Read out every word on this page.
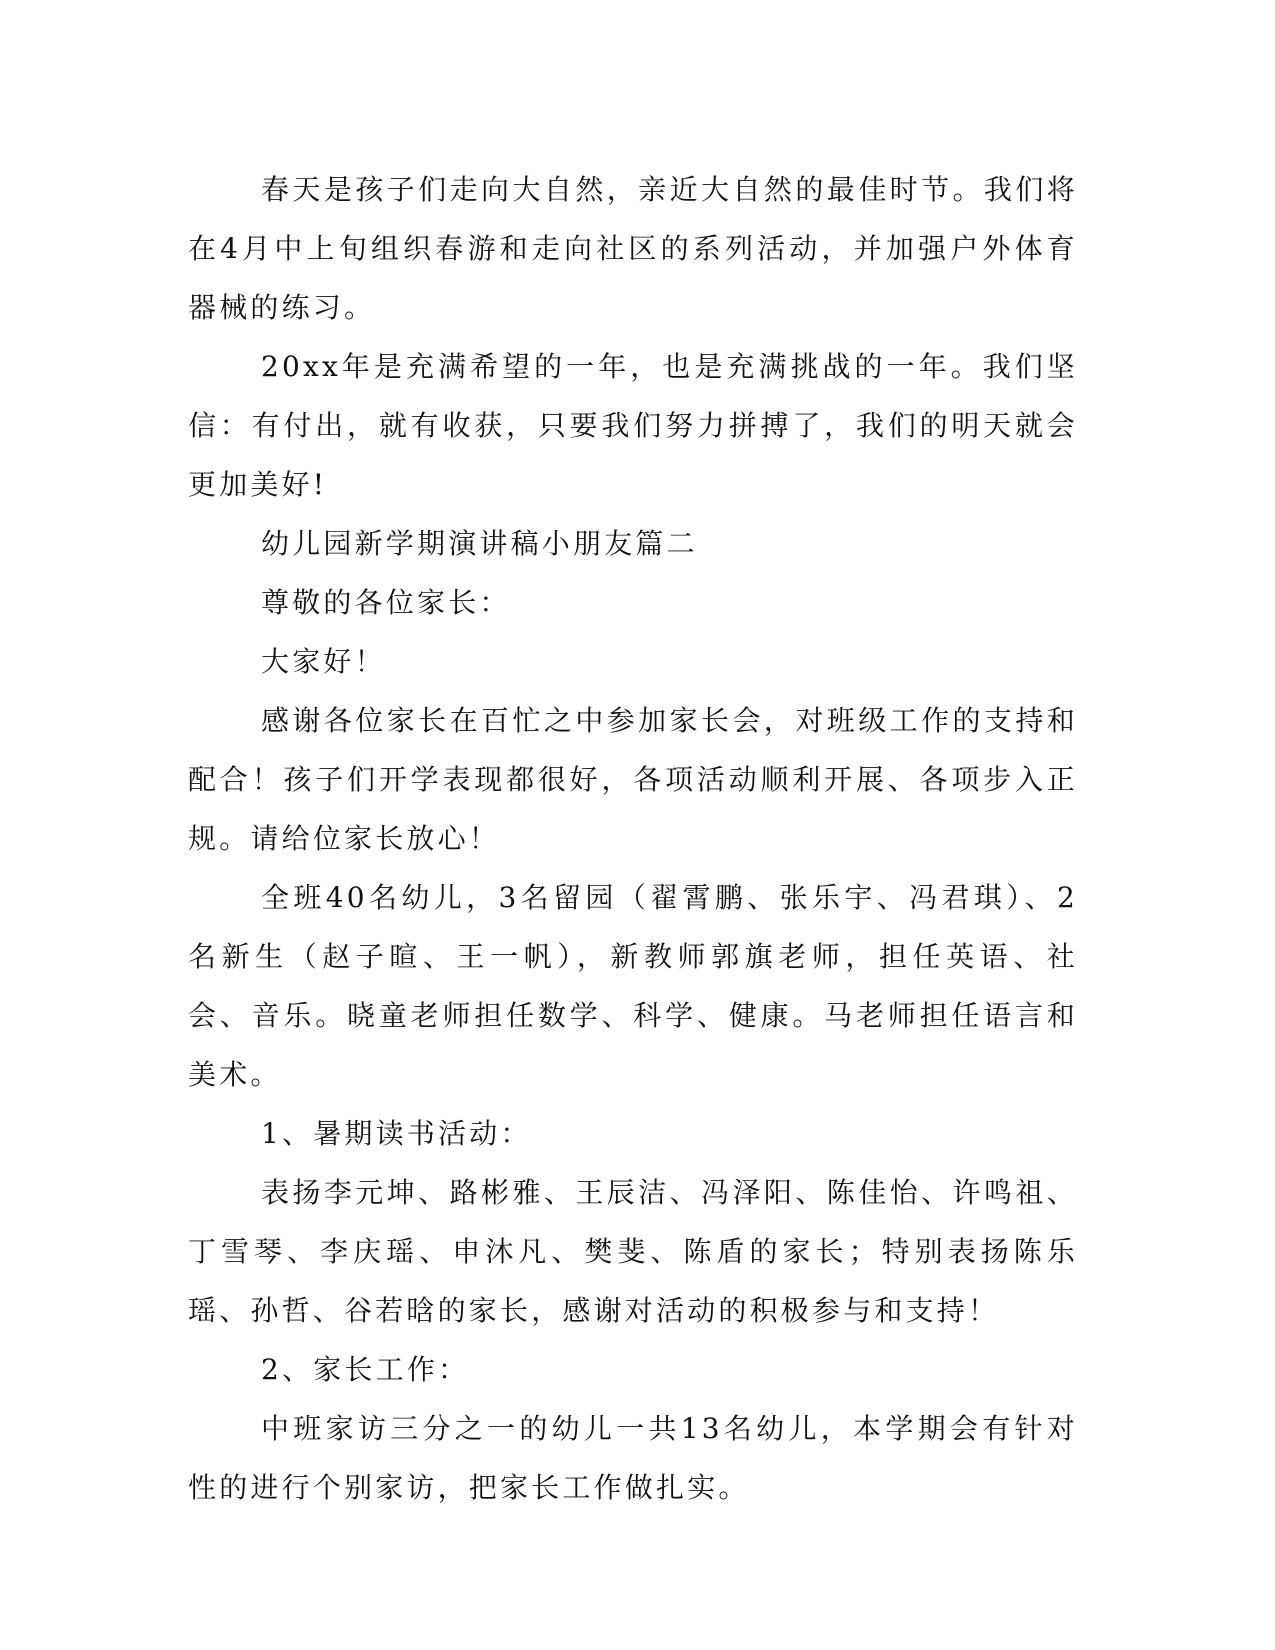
春天是孩子们走向大自然，亲近大自然的最佳时节。我们将在4月中上旬组织春游和走向社区的系列活动，并加强户外体育器械的练习。

20xx年是充满希望的一年，也是充满挑战的一年。我们坚信：有付出，就有收获，只要我们努力拼搏了，我们的明天就会更加美好!

幼儿园新学期演讲稿小朋友篇二

尊敬的各位家长：

大家好！

感谢各位家长在百忙之中参加家长会，对班级工作的支持和配合！孩子们开学表现都很好，各项活动顺利开展、各项步入正规。请给位家长放心！

全班40名幼儿，3名留园（翟霄鹏、张乐宇、冯君琪）、2名新生（赵子暄、王一帆），新教师郭旗老师，担任英语、社会、音乐。晓童老师担任数学、科学、健康。马老师担任语言和美术。

1、暑期读书活动：

表扬李元坤、路彬雅、王辰洁、冯泽阳、陈佳怡、许鸣祖、丁雪琴、李庆瑶、申沐凡、樊斐、陈盾的家长；特别表扬陈乐瑶、孙哲、谷若晗的家长，感谢对活动的积极参与和支持！

2、家长工作：

中班家访三分之一的幼儿一共13名幼儿，本学期会有针对性的进行个别家访，把家长工作做扎实。
